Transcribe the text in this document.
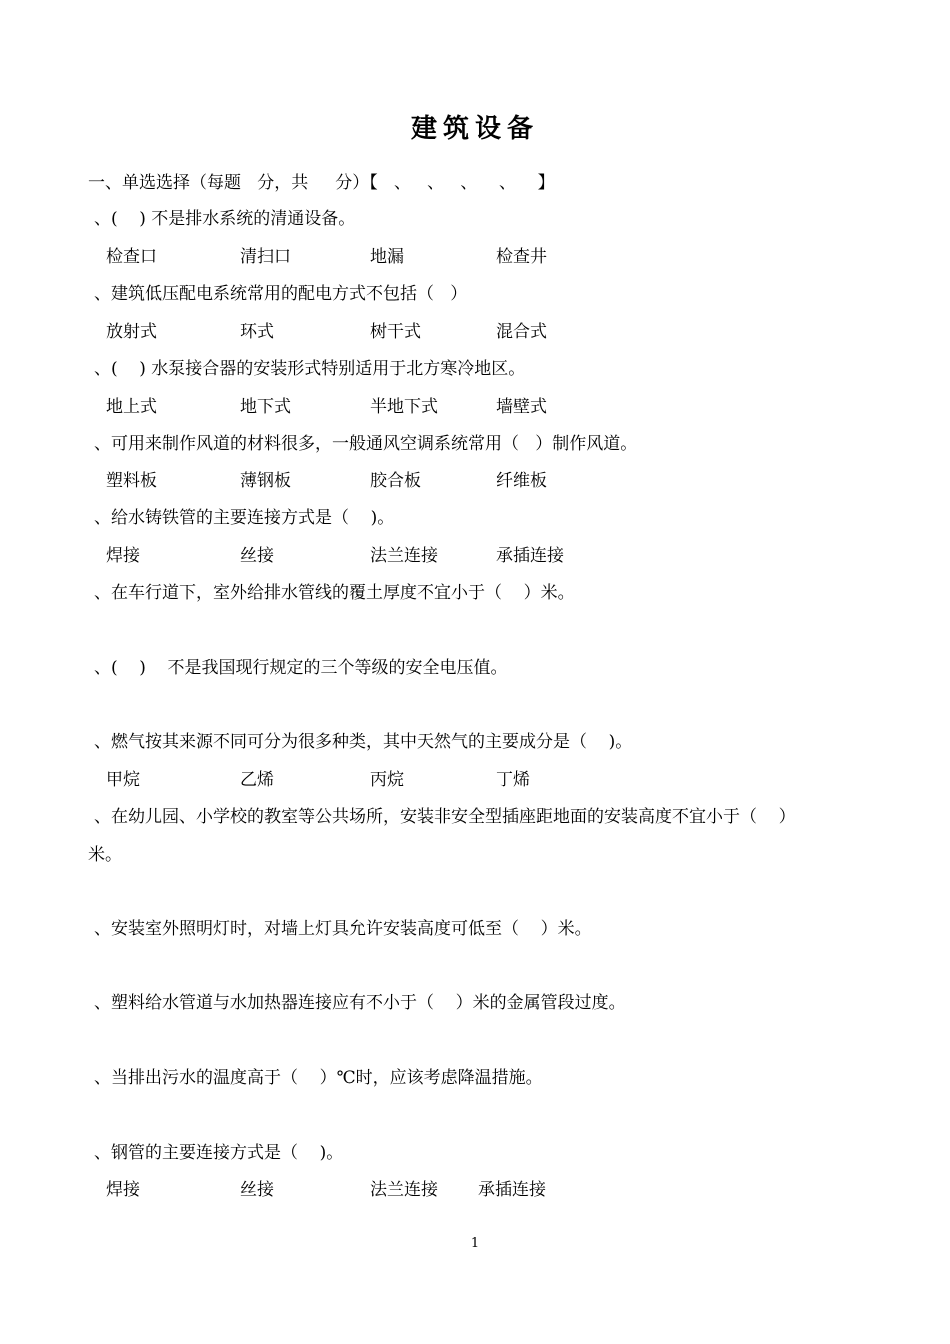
建筑设备
一、单选选择（每题   分，共     分）【   、   、   、    、    】
、(    ) 不是排水系统的清通设备。
检查口	清扫口	地漏	检查井
、建筑低压配电系统常用的配电方式不包括（   ）
放射式	环式	树干式	混合式
、(    ) 水泵接合器的安装形式特别适用于北方寒冷地区。
地上式	地下式	半地下式	墙壁式
、可用来制作风道的材料很多，一般通风空调系统常用（   ）制作风道。
塑料板	薄钢板	胶合板	纤维板
、给水铸铁管的主要连接方式是（    )。
焊接	丝接	法兰连接	承插连接
、在车行道下，室外给排水管线的覆土厚度不宜小于（    ）米。
、(    )    不是我国现行规定的三个等级的安全电压值。
、燃气按其来源不同可分为很多种类，其中天然气的主要成分是（    )。
甲烷	乙烯	丙烷	丁烯
、在幼儿园、小学校的教室等公共场所，安装非安全型插座距地面的安装高度不宜小于（    ）
米。
、安装室外照明灯时，对墙上灯具允许安装高度可低至（    ）米。
、塑料给水管道与水加热器连接应有不小于（    ）米的金属管段过度。
、当排出污水的温度高于（    ）℃时，应该考虑降温措施。
、钢管的主要连接方式是（    )。
焊接	丝接	法兰连接 承插连接
1
